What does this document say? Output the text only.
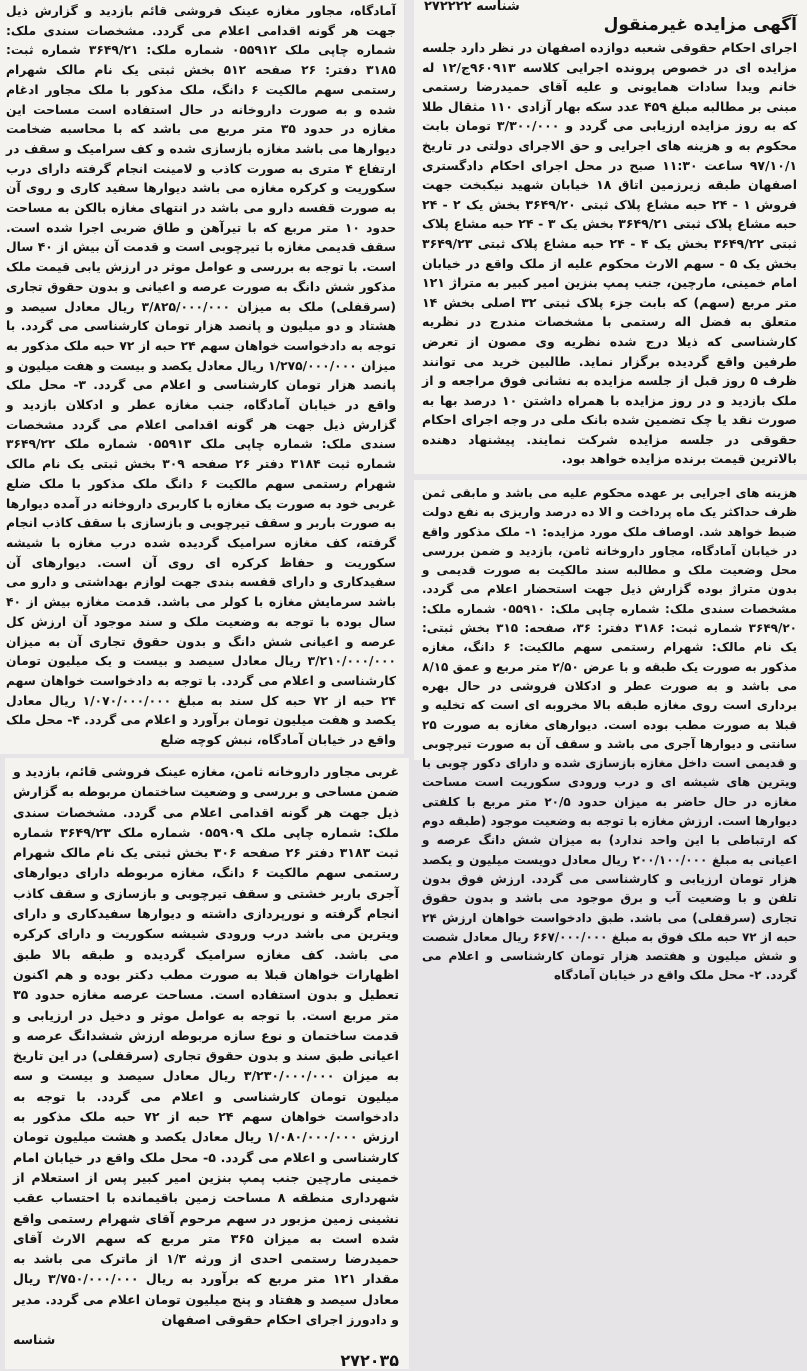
۲۷۲۲۲۲ شناسه
آگهی مزایده غیرمنقول

اجرای احکام حقوقی شعبه دوازده اصفهان در نظر دارد جلسه مزایده ای در خصوص پرونده اجرایی کلاسه ۹۶۰۹۱۳ج/۱۲ له خانم ویدا سادات همایونی و علیه آقای حمیدرضا رستمی مبنی بر مطالبه مبلغ ۴۵۹ عدد سکه بهار آزادی ۱۱۰ مثقال طلا که به روز مزایده ارزیابی می گردد و ۳/۳۰۰/۰۰۰ تومان بابت محکوم به و هزینه های اجرایی و حق الاجرای دولتی در تاریخ ۹۷/۱۰/۱ ساعت ۱۱:۳۰ صبح در محل اجرای احکام دادگستری اصفهان طبقه زیرزمین اتاق ۱۸ خیابان شهید نیکبخت جهت فروش ۱ - ۲۴ حبه مشاع پلاک ثبتی ۳۶۴۹/۲۰ بخش یک ۲ - ۲۴ حبه مشاع پلاک ثبتی ۳۶۴۹/۲۱ بخش یک ۳ - ۲۴ حبه مشاع پلاک ثبتی ۳۶۴۹/۲۲ بخش یک ۴ - ۲۴ حبه مشاع پلاک ثبتی ۳۶۴۹/۲۳ بخش یک ۵ - سهم الارث محکوم علیه از ملک واقع در خیابان امام خمینی، مارچین، جنب پمپ بنزین امیر کبیر به متراژ ۱۲۱ متر مربع (سهم) که بابت جزء پلاک ثبتی ۳۲ اصلی بخش ۱۴ متعلق به فضل اله رستمی با مشخصات مندرج در نظریه کارشناسی که ذیلا درج شده نظریه وی مصون از تعرض طرفین واقع گردیده برگزار نماید. طالبین خرید می توانند ظرف ۵ روز قبل از جلسه مزایده به نشانی فوق مراجعه و از ملک بازدید و در روز مزایده با همراه داشتن ۱۰ درصد بها به صورت نقد یا چک تضمین شده بانک ملی در وجه اجرای احکام حقوقی در جلسه مزایده شرکت نمایند. پیشنهاد دهنده بالاترین قیمت برنده مزایده خواهد بود.

آمادگاه، مجاور مغازه عینک فروشی قائم بازدید و گزارش ذیل جهت هر گونه اقدامی اعلام می گردد. مشخصات سندی ملک: شماره چاپی ملک ۰۵۵۹۱۲ شماره ملک: ۳۶۴۹/۲۱ شماره ثبت: ۳۱۸۵ دفتر: ۲۶ صفحه ۵۱۲ بخش ثبتی یک نام مالک شهرام رستمی سهم مالکیت ۶ دانگ، ملک مذکور با ملک مجاور ادغام شده و به صورت داروخانه در حال استفاده است مساحت این مغازه در حدود ۳۵ متر مربع می باشد که با محاسبه ضخامت دیوارها می باشد مغازه بازسازی شده و کف سرامیک و سقف در ارتفاع ۴ متری به صورت کاذب و لامینت انجام گرفته دارای درب سکوریت و کرکره مغازه می باشد دیوارها سفید کاری و روی آن به صورت قفسه دارو می باشد در انتهای مغازه بالکن به مساحت حدود ۱۰ متر مربع که با تیرآهن و طاق ضربی اجرا شده است. سقف قدیمی مغازه با تیرچوبی است و قدمت آن بیش از ۴۰ سال است. با توجه به بررسی و عوامل موثر در ارزش یابی قیمت ملک مذکور شش دانگ به صورت عرصه و اعیانی و بدون حقوق تجاری (سرقفلی) ملک به میزان ۳/۸۲۵/۰۰۰/۰۰۰ ریال معادل سیصد و هشتاد و دو میلیون و پانصد هزار تومان کارشناسی می گردد. با توجه به دادخواست خواهان سهم ۲۴ حبه از ۷۲ حبه ملک مذکور به میزان ۱/۲۷۵/۰۰۰/۰۰۰ ریال معادل یکصد و بیست و هفت میلیون و پانصد هزار تومان کارشناسی و اعلام می گردد. ۳- محل ملک واقع در خیابان آمادگاه، جنب مغازه عطر و ادکلان بازدید و گزارش ذیل جهت هر گونه اقدامی اعلام می گردد مشخصات سندی ملک: شماره چاپی ملک ۰۵۵۹۱۳ شماره ملک ۳۶۴۹/۲۲ شماره ثبت ۳۱۸۴ دفتر ۲۶ صفحه ۳۰۹ بخش ثبتی یک نام مالک شهرام رستمی سهم مالکیت ۶ دانگ ملک مذکور با ملک ضلع غربی خود به صورت یک مغازه با کاربری داروخانه در آمده دیوارها به صورت باربر و سقف تیرچوبی و بازسازی با سقف کاذب انجام گرفته، کف مغازه سرامیک گردیده شده درب مغازه با شیشه سکوریت و حفاظ کرکره ای روی آن است. دیوارهای آن سفیدکاری و دارای قفسه بندی جهت لوازم بهداشتی و دارو می باشد سرمایش مغازه با کولر می باشد. قدمت مغازه بیش از ۴۰ سال بوده با توجه به وضعیت ملک و سند موجود آن ارزش کل عرصه و اعیانی شش دانگ و بدون حقوق تجاری آن به میزان ۳/۲۱۰/۰۰۰/۰۰۰ ریال معادل سیصد و بیست و یک میلیون تومان کارشناسی و اعلام می گردد. با توجه به دادخواست خواهان سهم ۲۴ حبه از ۷۲ حبه کل سند به مبلغ ۱/۰۷۰/۰۰۰/۰۰۰ ریال معادل یکصد و هفت میلیون تومان برآورد و اعلام می گردد. ۴- محل ملک واقع در خیابان آمادگاه، نبش کوچه ضلع

هزینه های اجرایی بر عهده محکوم علیه می باشد و مابقی ثمن ظرف حداکثر یک ماه پرداخت و الا ده درصد واریزی به نفع دولت ضبط خواهد شد. اوصاف ملک مورد مزایده: ۱- ملک مذکور واقع در خیابان آمادگاه، مجاور داروخانه ثامن، بازدید و ضمن بررسی محل وضعیت ملک و مطالبه سند مالکیت به صورت قدیمی و بدون متراژ بوده گزارش ذیل جهت استحضار اعلام می گردد. مشخصات سندی ملک: شماره چاپی ملک: ۰۵۵۹۱۰ شماره ملک: ۳۶۴۹/۲۰ شماره ثبت: ۳۱۸۶ دفتر: ۳۶، صفحه: ۳۱۵ بخش ثبتی: یک نام مالک: شهرام رستمی سهم مالکیت: ۶ دانگ، مغازه مذکور به صورت یک طبقه و با عرض ۲/۵۰ متر مربع و عمق ۸/۱۵ می باشد و به صورت عطر و ادکلان فروشی در حال بهره برداری است روی مغازه طبقه بالا مخروبه ای است که تخلیه و قبلا به صورت مطب بوده است. دیوارهای مغازه به صورت ۲۵ سانتی و دیوارها آجری می باشد و سقف آن به صورت تیرچوبی و قدیمی است داخل مغازه بازسازی شده و دارای دکور چوبی با ویترین های شیشه ای و درب ورودی سکوریت است مساحت مغازه در حال حاضر به میزان حدود ۲۰/۵ متر مربع با کلفتی دیوارها است. ارزش مغازه با توجه به وضعیت موجود (طبقه دوم که ارتباطی با این واحد ندارد) به میزان شش دانگ عرصه و اعیانی به مبلغ ۲۰۰/۱۰۰/۰۰۰ ریال معادل دویست میلیون و یکصد هزار تومان ارزیابی و کارشناسی می گردد. ارزش فوق بدون تلفن و با وضعیت آب و برق موجود می باشد و بدون حقوق تجاری (سرقفلی) می باشد. طبق دادخواست خواهان ارزش ۲۴ حبه از ۷۲ حبه ملک فوق به مبلغ ۶۶۷/۰۰۰/۰۰۰ ریال معادل شصت و شش میلیون و هفتصد هزار تومان کارشناسی و اعلام می گردد. ۲- محل ملک واقع در خیابان آمادگاه

غربی مجاور داروخانه ثامن، مغازه عینک فروشی قائم، بازدید و ضمن مساحی و بررسی و وضعیت ساختمان مربوطه به گزارش ذیل جهت هر گونه اقدامی اعلام می گردد. مشخصات سندی ملک: شماره چاپی ملک ۰۵۵۹۰۹ شماره ملک ۳۶۴۹/۲۳ شماره ثبت ۳۱۸۳ دفتر ۲۶ صفحه ۳۰۶ بخش ثبتی یک نام مالک شهرام رستمی سهم مالکیت ۶ دانگ، مغازه مربوطه دارای دیوارهای آجری باربر خشتی و سقف تیرچوبی و بازسازی و سقف کاذب انجام گرفته و نورپردازی داشته و دیوارها سفیدکاری و دارای ویترین می باشد درب ورودی شیشه سکوریت و دارای کرکره می باشد. کف مغازه سرامیک گردیده و طبقه بالا طبق اظهارات خواهان قبلا به صورت مطب دکتر بوده و هم اکنون تعطیل و بدون استفاده است. مساحت عرصه مغازه حدود ۳۵ متر مربع است. با توجه به عوامل موثر و دخیل در ارزیابی و قدمت ساختمان و نوع سازه مربوطه ارزش ششدانگ عرصه و اعیانی طبق سند و بدون حقوق تجاری (سرقفلی) در این تاریخ به میزان ۳/۲۳۰/۰۰۰/۰۰۰ ریال معادل سیصد و بیست و سه میلیون تومان کارشناسی و اعلام می گردد. با توجه به دادخواست خواهان سهم ۲۴ حبه از ۷۲ حبه ملک مذکور به ارزش ۱/۰۸۰/۰۰۰/۰۰۰ ریال معادل یکصد و هشت میلیون تومان کارشناسی و اعلام می گردد. ۵- محل ملک واقع در خیابان امام خمینی مارچین جنب پمپ بنزین امیر کبیر پس از استعلام از شهرداری منطقه ۸ مساحت زمین باقیمانده با احتساب عقب نشینی زمین مزبور در سهم مرحوم آقای شهرام رستمی واقع شده است به میزان ۳۶۵ متر مربع که سهم الارث آقای حمیدرضا رستمی احدی از ورثه ۱/۳ از ماترک می باشد به مقدار ۱۲۱ متر مربع که برآورد به ریال ۳/۷۵۰/۰۰۰/۰۰۰ ریال معادل سیصد و هفتاد و پنج میلیون تومان اعلام می گردد. مدیر و دادورز اجرای احکام حقوقی اصفهان

شناسه

۲۷۲۰۳۵
